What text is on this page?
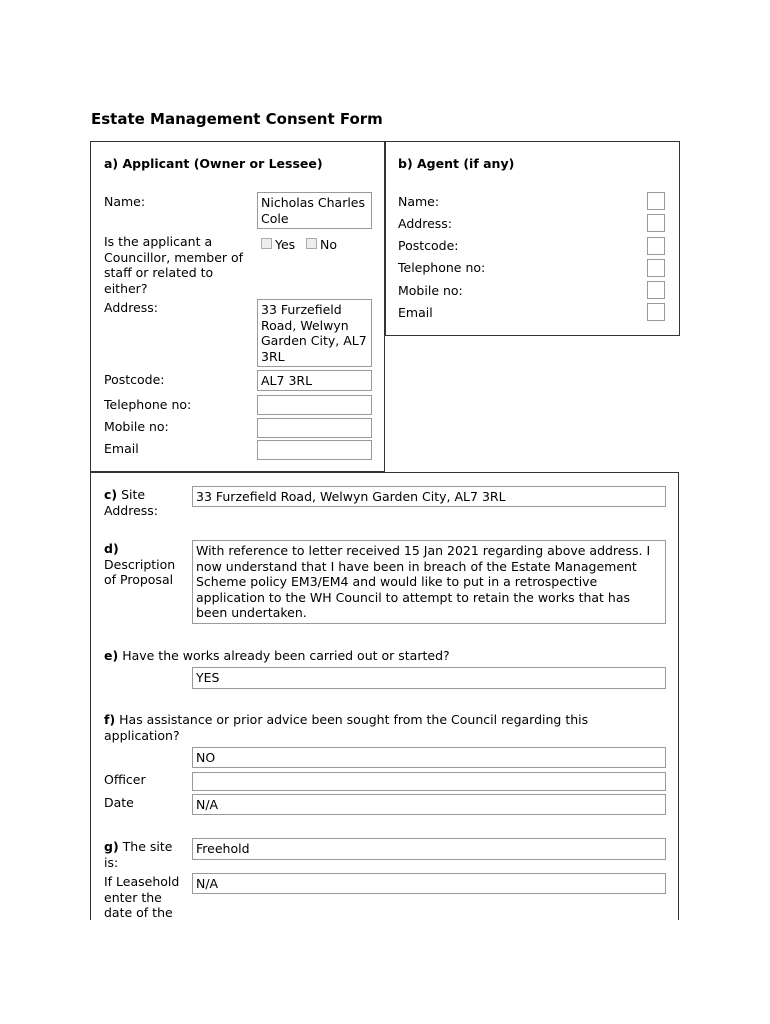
Estate Management Consent Form
a) Applicant (Owner or Lessee)
Name:	Nicholas Charles Cole
Is the applicant a Councillor, member of staff or related to either?
Yes	No
Address:	33 Furzefield Road, Welwyn Garden City, AL7 3RL
Postcode:	AL7 3RL
Telephone no:
Mobile no:
Email
b) Agent (if any)
Name:
Address:
Postcode:
Telephone no:
Mobile no:
Email
c) Site Address:
33 Furzefield Road, Welwyn Garden City, AL7 3RL
d)
Description of Proposal
With reference to letter received 15 Jan 2021 regarding above address. I now understand that I have been in breach of the Estate Management Scheme policy EM3/EM4 and would like to put in a retrospective application to the WH Council to attempt to retain the works that has been undertaken.
e) Have the works already been carried out or started?
YES
f) Has assistance or prior advice been sought from the Council regarding this application?
NO
Officer
Date	N/A
g) The site is:
Freehold
If Leasehold enter the date of the
N/A
